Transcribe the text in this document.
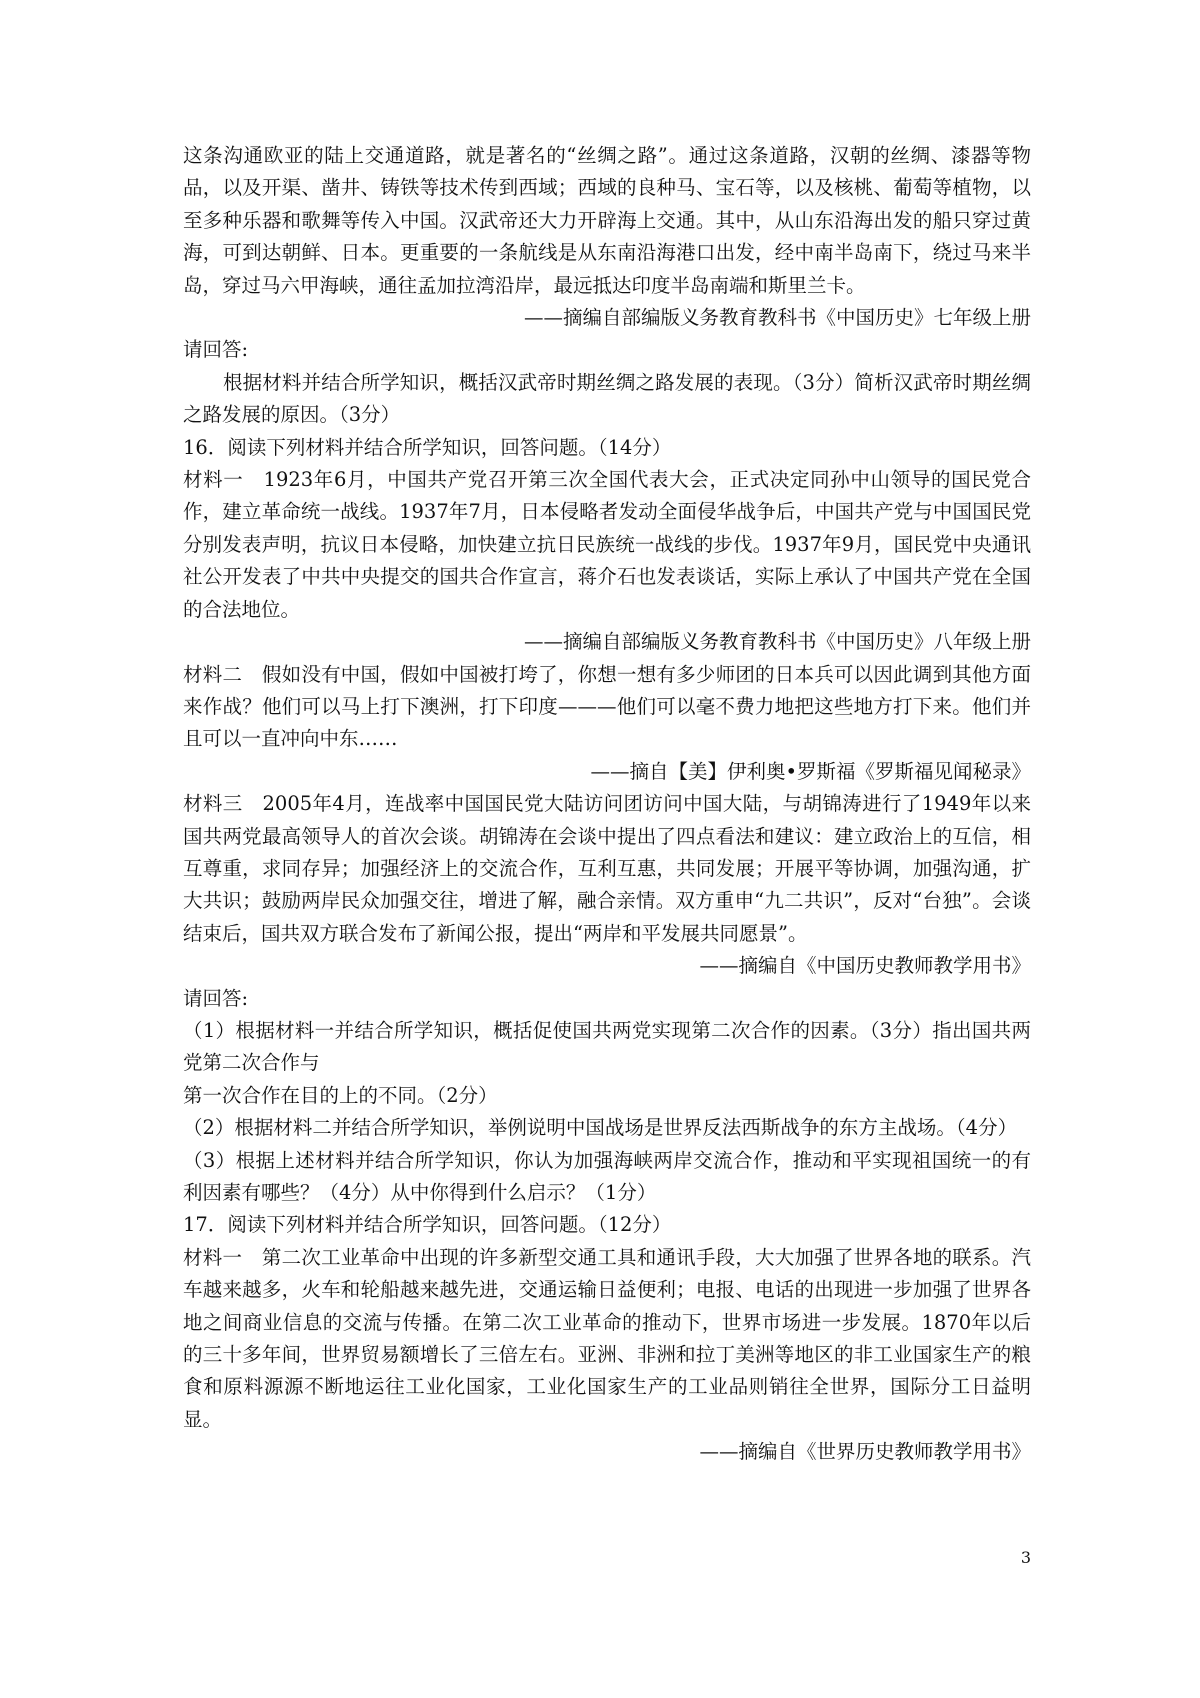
这条沟通欧亚的陆上交通道路，就是著名的“丝绸之路”。通过这条道路，汉朝的丝绸、漆器等物品，以及开渠、凿井、铸铁等技术传到西域；西域的良种马、宝石等，以及核桃、葡萄等植物，以至多种乐器和歌舞等传入中国。汉武帝还大力开辟海上交通。其中，从山东沿海出发的船只穿过黄海，可到达朝鲜、日本。更重要的一条航线是从东南沿海港口出发，经中南半岛南下，绕过马来半岛，穿过马六甲海峡，通往孟加拉湾沿岸，最远抵达印度半岛南端和斯里兰卡。

——摘编自部编版义务教育教科书《中国历史》七年级上册

请回答:

根据材料并结合所学知识，概括汉武帝时期丝绸之路发展的表现。（3分）简析汉武帝时期丝绸之路发展的原因。（3分）

16．阅读下列材料并结合所学知识，回答问题。（14分）

材料一　1923年6月，中国共产党召开第三次全国代表大会，正式决定同孙中山领导的国民党合作，建立革命统一战线。1937年7月，日本侵略者发动全面侵华战争后，中国共产党与中国国民党分别发表声明，抗议日本侵略，加快建立抗日民族统一战线的步伐。1937年9月，国民党中央通讯社公开发表了中共中央提交的国共合作宣言，蒋介石也发表谈话，实际上承认了中国共产党在全国的合法地位。

——摘编自部编版义务教育教科书《中国历史》八年级上册

材料二　假如没有中国，假如中国被打垮了，你想一想有多少师团的日本兵可以因此调到其他方面来作战？他们可以马上打下澳洲，打下印度———他们可以毫不费力地把这些地方打下来。他们并且可以一直冲向中东……

——摘自【美】伊利奥•罗斯福《罗斯福见闻秘录》

材料三　2005年4月，连战率中国国民党大陆访问团访问中国大陆，与胡锦涛进行了1949年以来国共两党最高领导人的首次会谈。胡锦涛在会谈中提出了四点看法和建议：建立政治上的互信，相互尊重，求同存异；加强经济上的交流合作，互利互惠，共同发展；开展平等协调，加强沟通，扩大共识；鼓励两岸民众加强交往，增进了解，融合亲情。双方重申“九二共识”，反对“台独”。会谈结束后，国共双方联合发布了新闻公报，提出“两岸和平发展共同愿景”。

——摘编自《中国历史教师教学用书》

请回答:

（1）根据材料一并结合所学知识，概括促使国共两党实现第二次合作的因素。（3分）指出国共两党第二次合作与

第一次合作在目的上的不同。（2分）

（2）根据材料二并结合所学知识，举例说明中国战场是世界反法西斯战争的东方主战场。（4分）

（3）根据上述材料并结合所学知识，你认为加强海峡两岸交流合作，推动和平实现祖国统一的有利因素有哪些？（4分）从中你得到什么启示？（1分）

17．阅读下列材料并结合所学知识，回答问题。（12分）

材料一　第二次工业革命中出现的许多新型交通工具和通讯手段，大大加强了世界各地的联系。汽车越来越多，火车和轮船越来越先进，交通运输日益便利；电报、电话的出现进一步加强了世界各地之间商业信息的交流与传播。在第二次工业革命的推动下，世界市场进一步发展。1870年以后的三十多年间，世界贸易额增长了三倍左右。亚洲、非洲和拉丁美洲等地区的非工业国家生产的粮食和原料源源不断地运往工业化国家，工业化国家生产的工业品则销往全世界，国际分工日益明显。

——摘编自《世界历史教师教学用书》

3
